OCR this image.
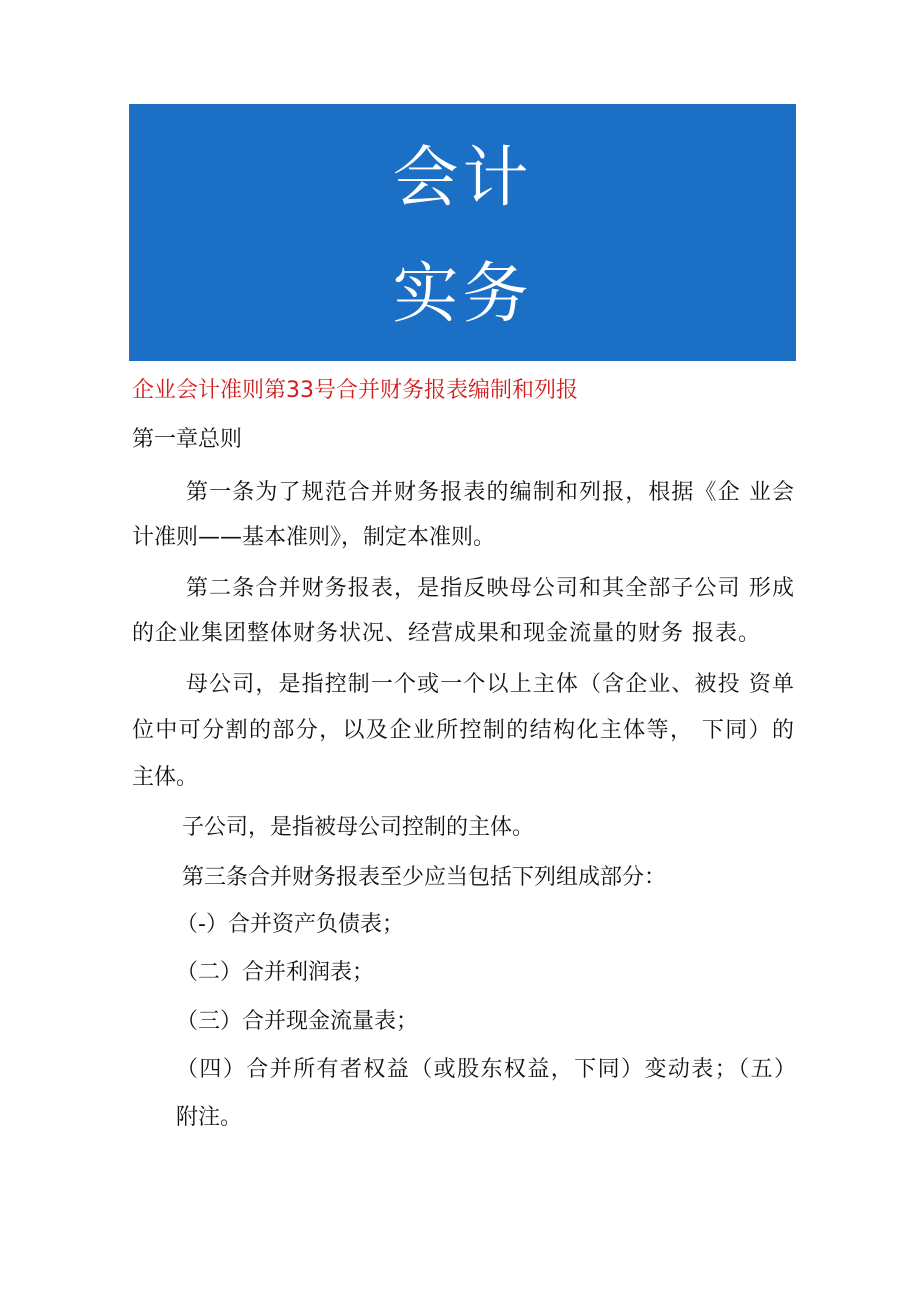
会计
实务
企业会计准则第33号合并财务报表编制和列报
第一章总则
第一条为了规范合并财务报表的编制和列报，根据《企 业会
计准则——基本准则》，制定本准则。
第二条合并财务报表，是指反映母公司和其全部子公司 形成
的企业集团整体财务状况、经营成果和现金流量的财务 报表。
母公司，是指控制一个或一个以上主体（含企业、被投 资单
位中可分割的部分，以及企业所控制的结构化主体等， 下同）的
主体。
子公司，是指被母公司控制的主体。
第三条合并财务报表至少应当包括下列组成部分：
（-）合并资产负债表；
（二）合并利润表；
（三）合并现金流量表；
（四）合并所有者权益（或股东权益，下同）变动表；（五）
附注。
